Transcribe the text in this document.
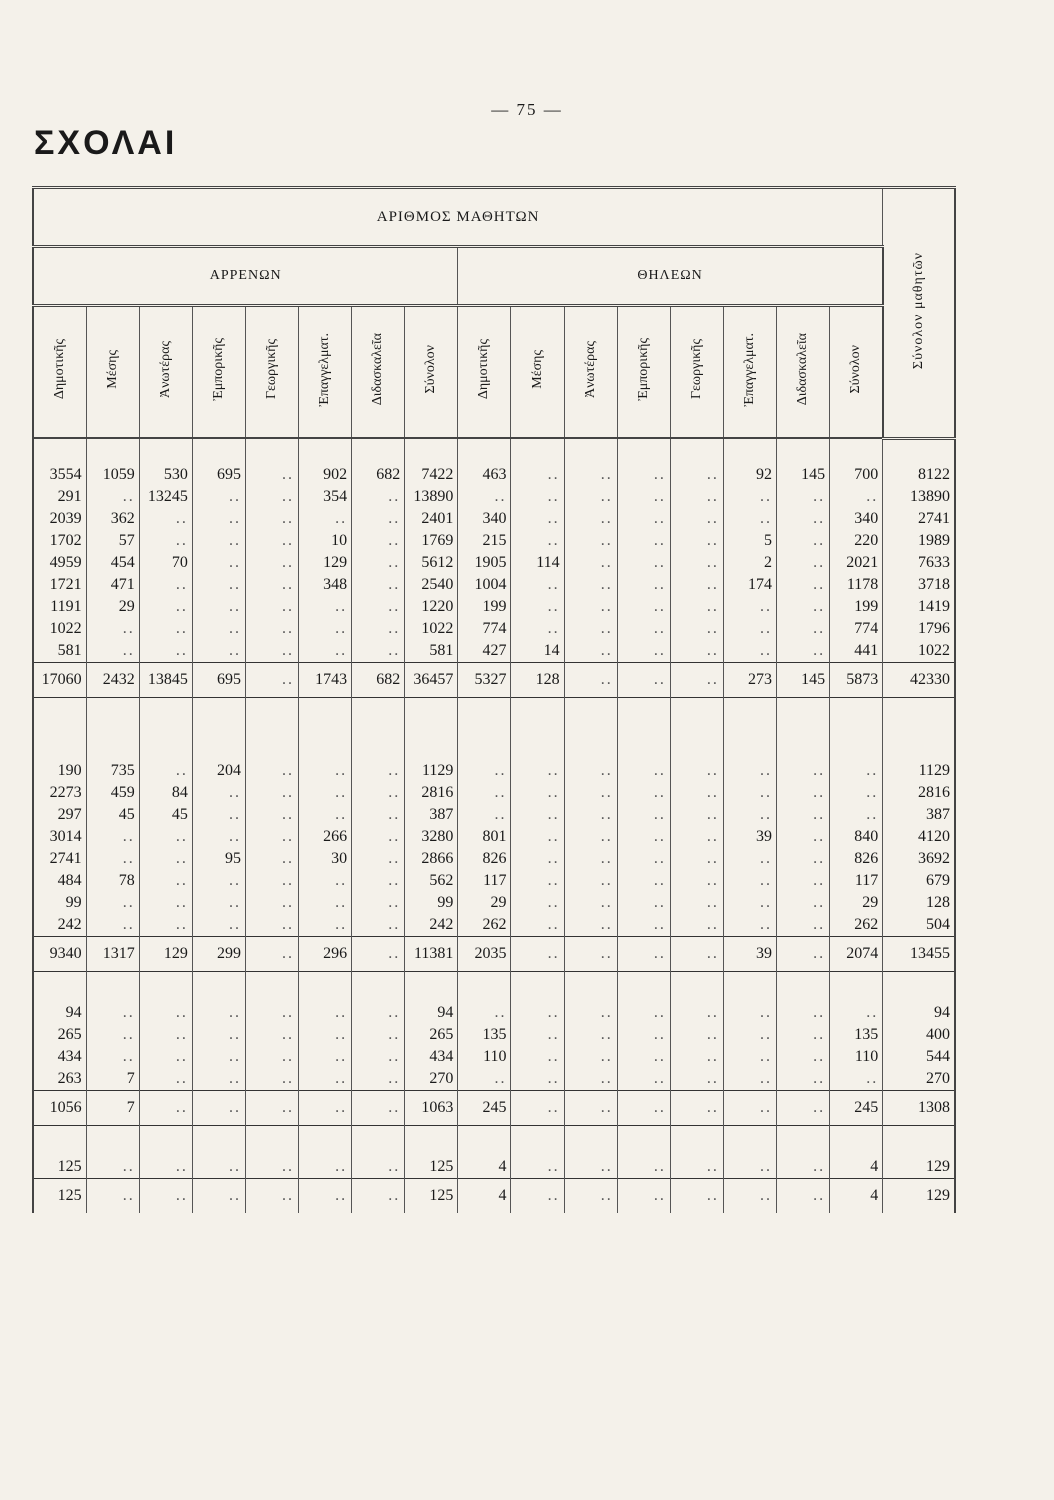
— 75 —
ΣΧΟΛΑΙ
ΑΡΙΘΜΟΣ ΜΑΘΗΤΩΝ																Σύνολον μαθητῶν
ΑΡΡΕΝΩΝ								ΘΗΛΕΩΝ								
Δημοτικῆς	Μέσης	Ἀνωτέρας	Ἐμπορικῆς	Γεωργικῆς	Ἐπαγγελματ.	Διδασκαλεῖα	Σύνολον	Δημοτικῆς	Μέσης	Ἀνωτέρας	Ἐμπορικῆς	Γεωργικῆς	Ἐπαγγελματ.	Διδασκαλεῖα	Σύνολον	

3554	1059	530	695	..	902	682	7422	463	..	..	..	..	92	145	700	8122
291	..	13245	..	..	354	..	13890	..	..	..	..	..	..	..	..	13890
2039	362	..	..	..	..	..	2401	340	..	..	..	..	..	..	340	2741
1702	57	..	..	..	10	..	1769	215	..	..	..	..	5	..	220	1989
4959	454	70	..	..	129	..	5612	1905	114	..	..	..	2	..	2021	7633
1721	471	..	..	..	348	..	2540	1004	..	..	..	..	174	..	1178	3718
1191	29	..	..	..	..	..	1220	199	..	..	..	..	..	..	199	1419
1022	..	..	..	..	..	..	1022	774	..	..	..	..	..	..	774	1796
581	..	..	..	..	..	..	581	427	14	..	..	..	..	..	441	1022
17060	2432	13845	695	..	1743	682	36457	5327	128	..	..	..	273	145	5873	42330

190	735	..	204	..	..	..	1129	..	..	..	..	..	..	..	..	1129
2273	459	84	..	..	..	..	2816	..	..	..	..	..	..	..	..	2816
297	45	45	..	..	..	..	387	..	..	..	..	..	..	..	..	387
3014	..	..	..	..	266	..	3280	801	..	..	..	..	39	..	840	4120
2741	..	..	95	..	30	..	2866	826	..	..	..	..	..	..	826	3692
484	78	..	..	..	..	..	562	117	..	..	..	..	..	..	117	679
99	..	..	..	..	..	..	99	29	..	..	..	..	..	..	29	128
242	..	..	..	..	..	..	242	262	..	..	..	..	..	..	262	504
9340	1317	129	299	..	296	..	11381	2035	..	..	..	..	39	..	2074	13455

94	..	..	..	..	..	..	94	..	..	..	..	..	..	..	..	94
265	..	..	..	..	..	..	265	135	..	..	..	..	..	..	135	400
434	..	..	..	..	..	..	434	110	..	..	..	..	..	..	110	544
263	7	..	..	..	..	..	270	..	..	..	..	..	..	..	..	270
1056	7	..	..	..	..	..	1063	245	..	..	..	..	..	..	245	1308

125	..	..	..	..	..	..	125	4	..	..	..	..	..	..	4	129
125	..	..	..	..	..	..	125	4	..	..	..	..	..	..	4	129
